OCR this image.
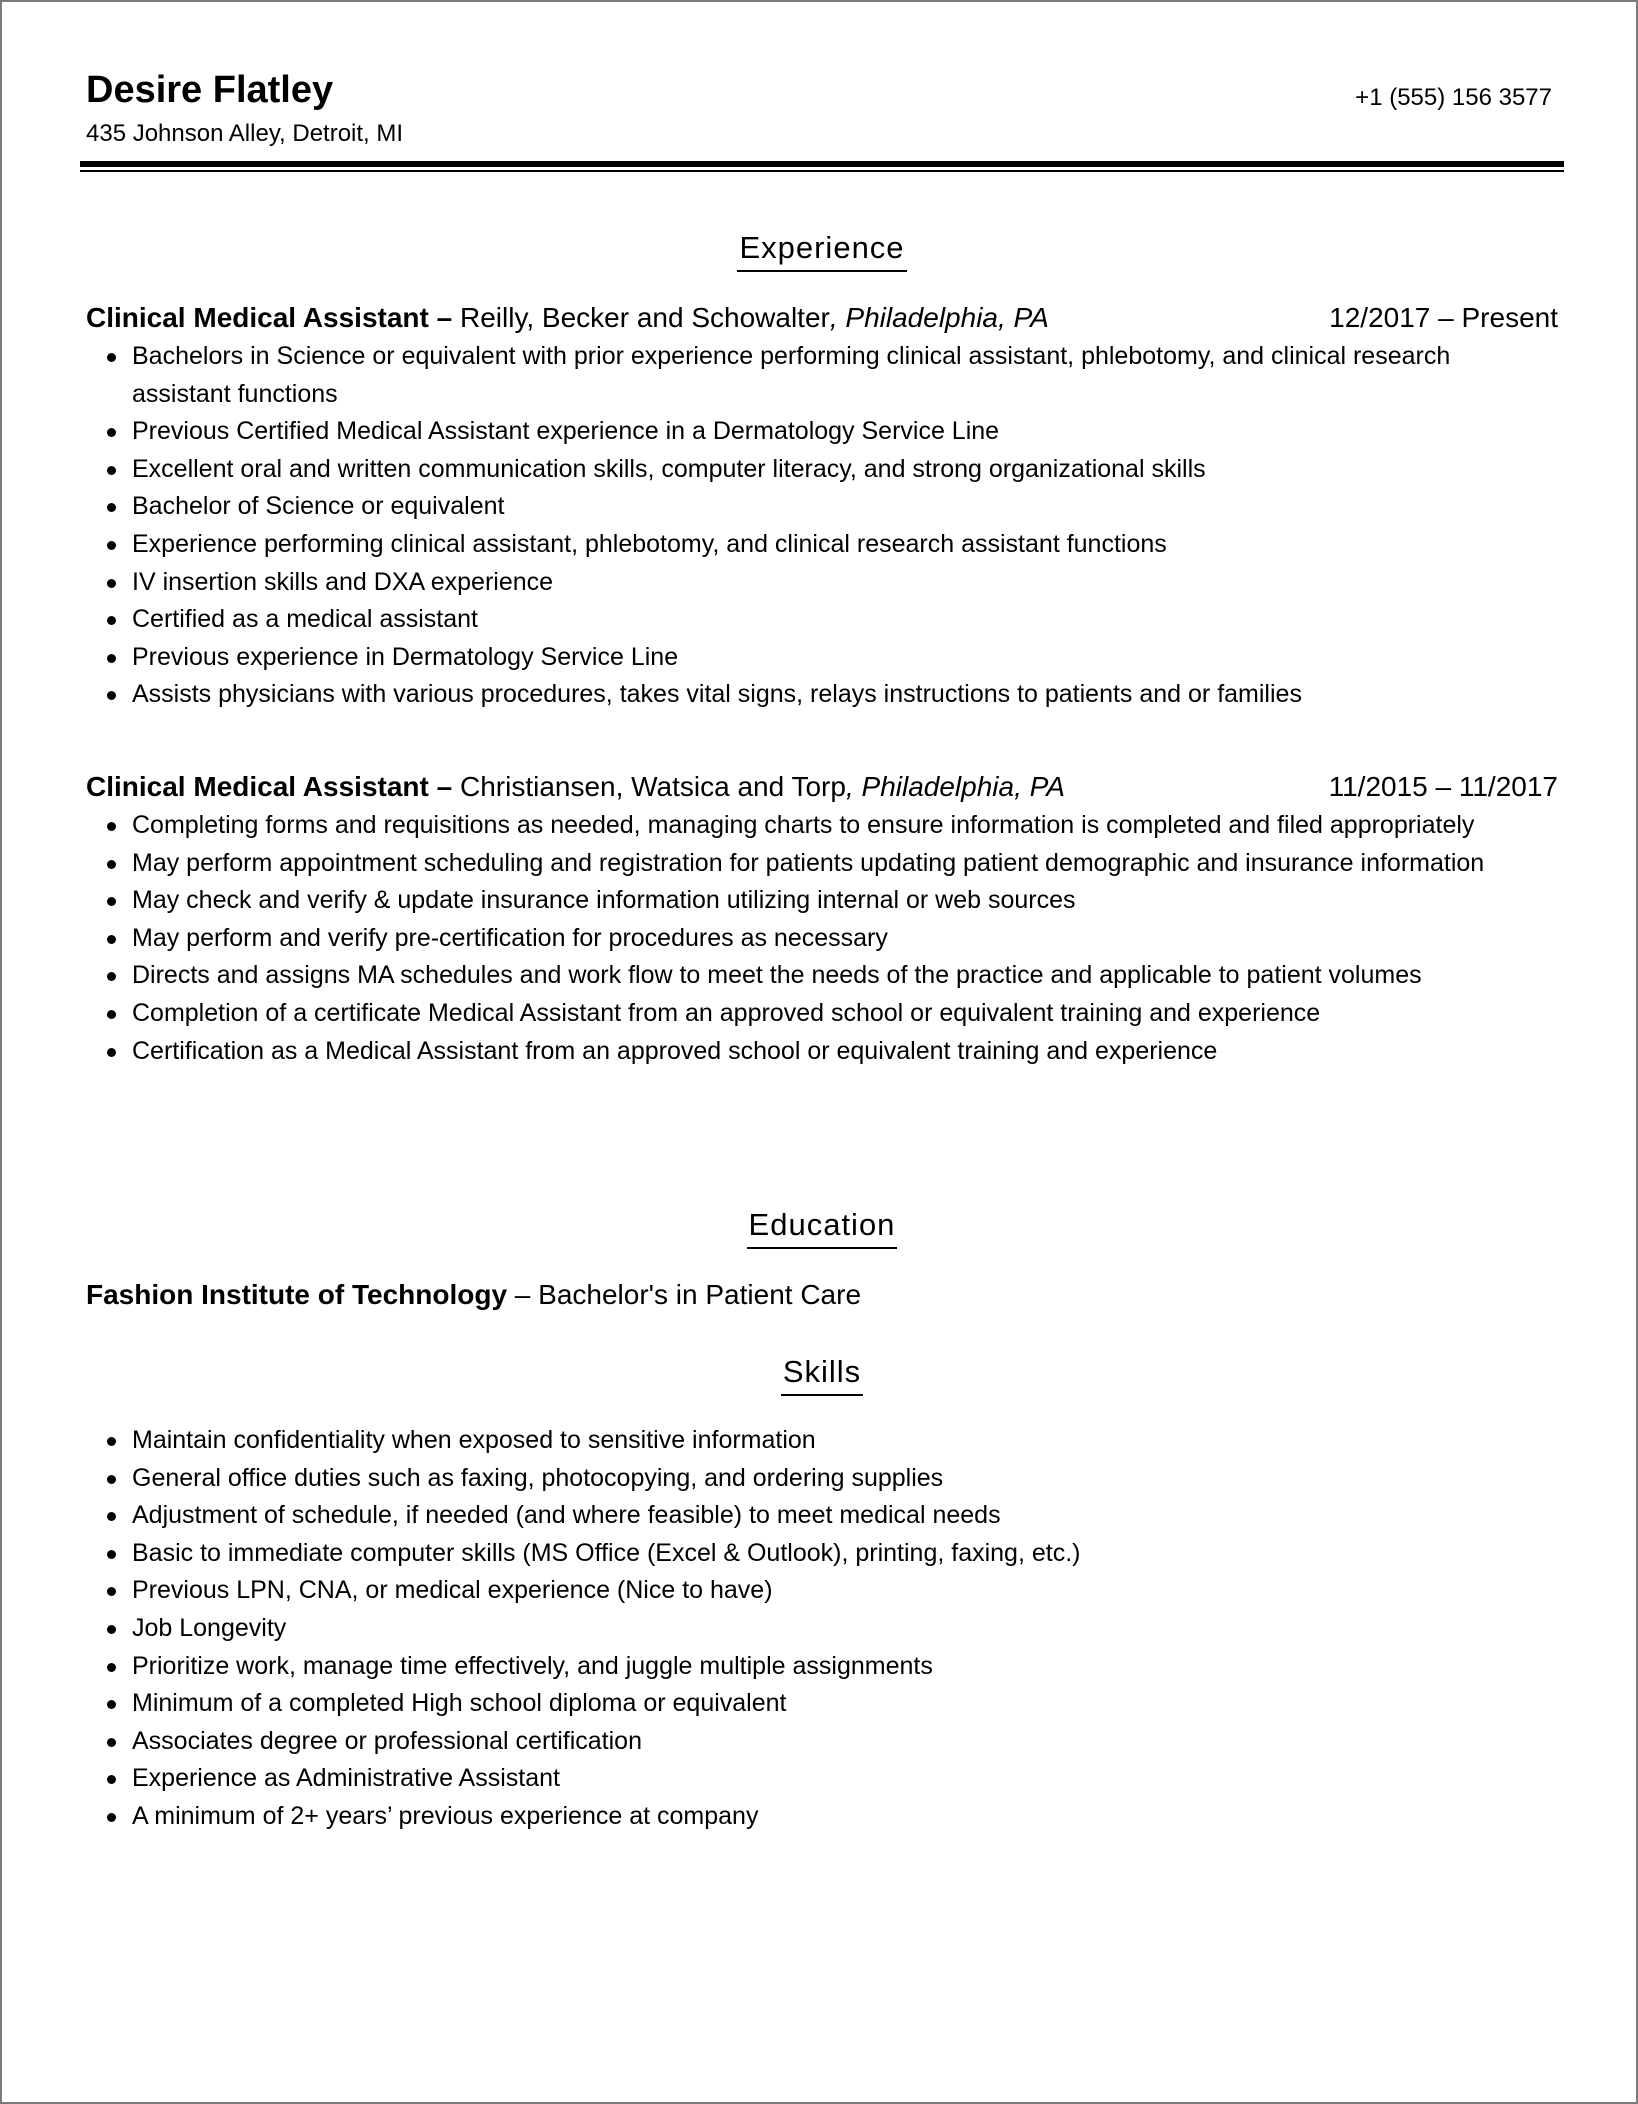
Desire Flatley	+1 (555) 156 3577
435 Johnson Alley, Detroit, MI
Experience
Clinical Medical Assistant – Reilly, Becker and Schowalter, Philadelphia, PA	12/2017 – Present
Bachelors in Science or equivalent with prior experience performing clinical assistant, phlebotomy, and clinical research assistant functions
Previous Certified Medical Assistant experience in a Dermatology Service Line
Excellent oral and written communication skills, computer literacy, and strong organizational skills
Bachelor of Science or equivalent
Experience performing clinical assistant, phlebotomy, and clinical research assistant functions
IV insertion skills and DXA experience
Certified as a medical assistant
Previous experience in Dermatology Service Line
Assists physicians with various procedures, takes vital signs, relays instructions to patients and or families
Clinical Medical Assistant – Christiansen, Watsica and Torp, Philadelphia, PA	11/2015 – 11/2017
Completing forms and requisitions as needed, managing charts to ensure information is completed and filed appropriately
May perform appointment scheduling and registration for patients updating patient demographic and insurance information
May check and verify & update insurance information utilizing internal or web sources
May perform and verify pre-certification for procedures as necessary
Directs and assigns MA schedules and work flow to meet the needs of the practice and applicable to patient volumes
Completion of a certificate Medical Assistant from an approved school or equivalent training and experience
Certification as a Medical Assistant from an approved school or equivalent training and experience
Education
Fashion Institute of Technology – Bachelor's in Patient Care
Skills
Maintain confidentiality when exposed to sensitive information
General office duties such as faxing, photocopying, and ordering supplies
Adjustment of schedule, if needed (and where feasible) to meet medical needs
Basic to immediate computer skills (MS Office (Excel & Outlook), printing, faxing, etc.)
Previous LPN, CNA, or medical experience (Nice to have)
Job Longevity
Prioritize work, manage time effectively, and juggle multiple assignments
Minimum of a completed High school diploma or equivalent
Associates degree or professional certification
Experience as Administrative Assistant
A minimum of 2+ years’ previous experience at company
